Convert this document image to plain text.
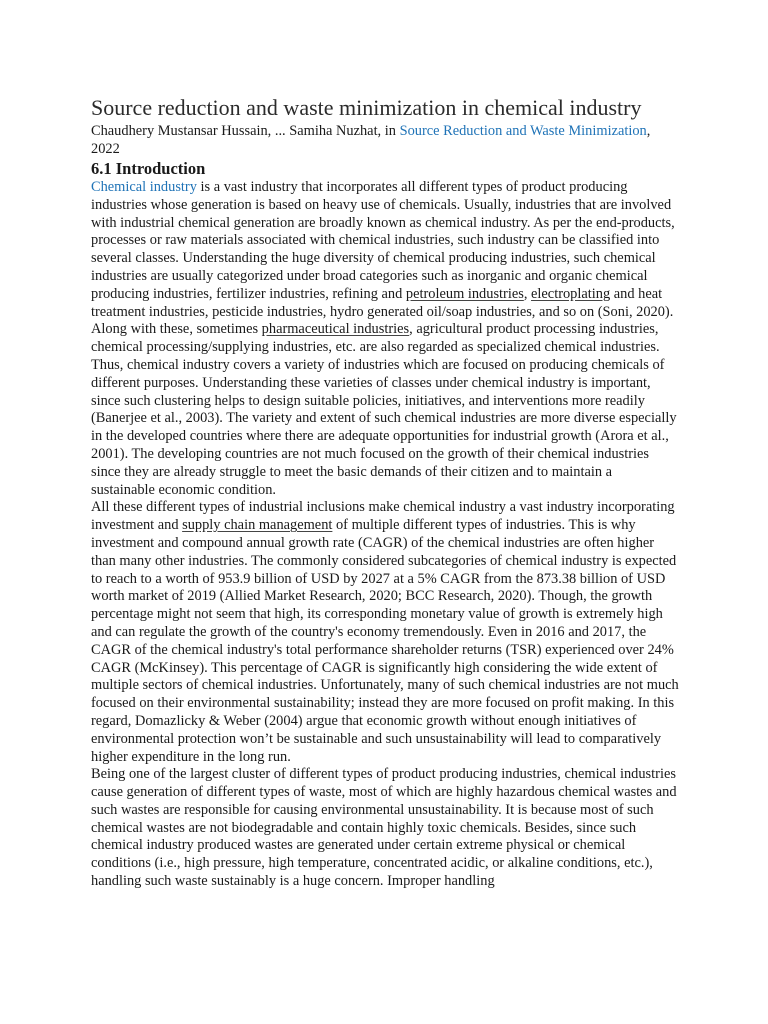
Source reduction and waste minimization in chemical industry

Chaudhery Mustansar Hussain, ... Samiha Nuzhat, in Source Reduction and Waste Minimization, 2022

6.1 Introduction

Chemical industry is a vast industry that incorporates all different types of product producing industries whose generation is based on heavy use of chemicals. Usually, industries that are involved with industrial chemical generation are broadly known as chemical industry. As per the end-products, processes or raw materials associated with chemical industries, such industry can be classified into several classes. Understanding the huge diversity of chemical producing industries, such chemical industries are usually categorized under broad categories such as inorganic and organic chemical producing industries, fertilizer industries, refining and petroleum industries, electroplating and heat treatment industries, pesticide industries, hydro generated oil/soap industries, and so on (Soni, 2020). Along with these, sometimes pharmaceutical industries, agricultural product processing industries, chemical processing/supplying industries, etc. are also regarded as specialized chemical industries. Thus, chemical industry covers a variety of industries which are focused on producing chemicals of different purposes. Understanding these varieties of classes under chemical industry is important, since such clustering helps to design suitable policies, initiatives, and interventions more readily (Banerjee et al., 2003). The variety and extent of such chemical industries are more diverse especially in the developed countries where there are adequate opportunities for industrial growth (Arora et al., 2001). The developing countries are not much focused on the growth of their chemical industries since they are already struggle to meet the basic demands of their citizen and to maintain a sustainable economic condition.

All these different types of industrial inclusions make chemical industry a vast industry incorporating investment and supply chain management of multiple different types of industries. This is why investment and compound annual growth rate (CAGR) of the chemical industries are often higher than many other industries. The commonly considered subcategories of chemical industry is expected to reach to a worth of 953.9 billion of USD by 2027 at a 5% CAGR from the 873.38 billion of USD worth market of 2019 (Allied Market Research, 2020; BCC Research, 2020). Though, the growth percentage might not seem that high, its corresponding monetary value of growth is extremely high and can regulate the growth of the country's economy tremendously. Even in 2016 and 2017, the CAGR of the chemical industry's total performance shareholder returns (TSR) experienced over 24% CAGR (McKinsey). This percentage of CAGR is significantly high considering the wide extent of multiple sectors of chemical industries. Unfortunately, many of such chemical industries are not much focused on their environmental sustainability; instead they are more focused on profit making. In this regard, Domazlicky & Weber (2004) argue that economic growth without enough initiatives of environmental protection won’t be sustainable and such unsustainability will lead to comparatively higher expenditure in the long run.

Being one of the largest cluster of different types of product producing industries, chemical industries cause generation of different types of waste, most of which are highly hazardous chemical wastes and such wastes are responsible for causing environmental unsustainability. It is because most of such chemical wastes are not biodegradable and contain highly toxic chemicals. Besides, since such chemical industry produced wastes are generated under certain extreme physical or chemical conditions (i.e., high pressure, high temperature, concentrated acidic, or alkaline conditions, etc.), handling such waste sustainably is a huge concern. Improper handling
